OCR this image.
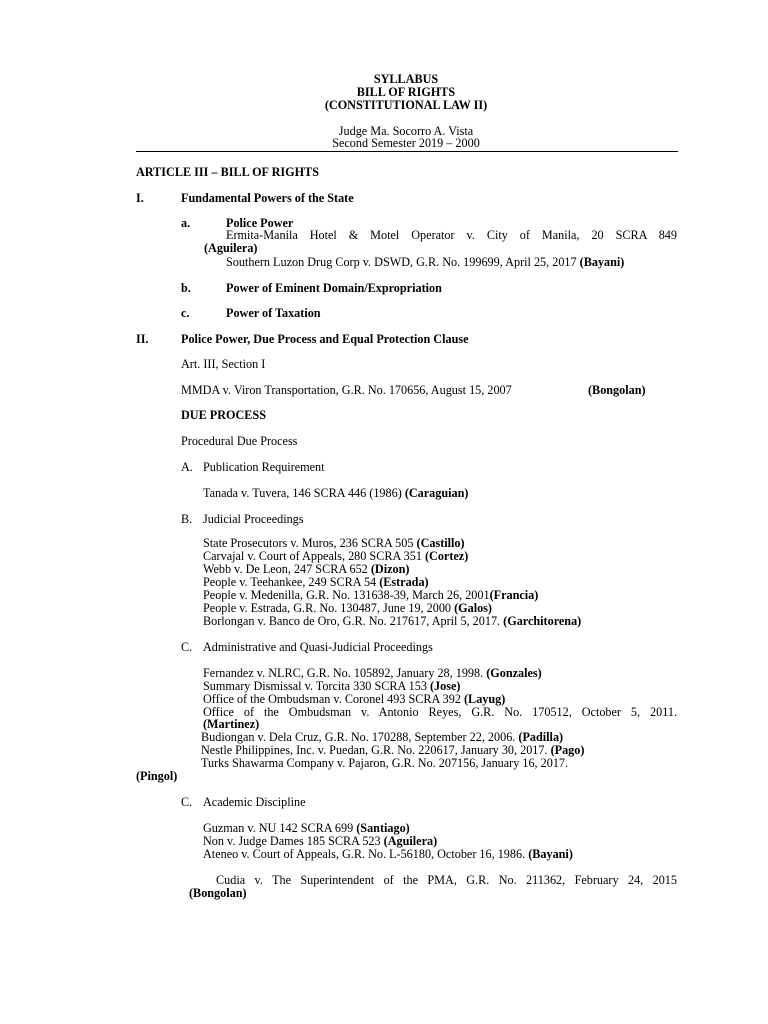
SYLLABUS
BILL OF RIGHTS
(CONSTITUTIONAL LAW II)
Judge Ma. Socorro A. Vista
Second Semester 2019 – 2000
ARTICLE III – BILL OF RIGHTS
I.	Fundamental Powers of the State
a.	Police Power
Ermita-Manila Hotel & Motel Operator v. City of Manila, 20 SCRA 849
(Aguilera)
Southern Luzon Drug Corp v. DSWD, G.R. No. 199699, April 25, 2017 (Bayani)
b.	Power of Eminent Domain/Expropriation
c.	Power of Taxation
II.	Police Power, Due Process and Equal Protection Clause
Art. III, Section I
MMDA v. Viron Transportation, G.R. No. 170656, August 15, 2007	(Bongolan)
DUE PROCESS
Procedural Due Process
A. Publication Requirement
Tanada v. Tuvera, 146 SCRA 446 (1986) (Caraguian)
B. Judicial Proceedings
State Prosecutors v. Muros, 236 SCRA 505 (Castillo)
Carvajal v. Court of Appeals, 280 SCRA 351 (Cortez)
Webb v. De Leon, 247 SCRA 652 (Dizon)
People v. Teehankee, 249 SCRA 54 (Estrada)
People v. Medenilla, G.R. No. 131638-39, March 26, 2001(Francia)
People v. Estrada, G.R. No. 130487, June 19, 2000 (Galos)
Borlongan v. Banco de Oro, G.R. No. 217617, April 5, 2017. (Garchitorena)
C. Administrative and Quasi-Judicial Proceedings
Fernandez v. NLRC, G.R. No. 105892, January 28, 1998. (Gonzales)
Summary Dismissal v. Torcita 330 SCRA 153 (Jose)
Office of the Ombudsman v. Coronel 493 SCRA 392 (Layug)
Office of the Ombudsman v. Antonio Reyes, G.R. No. 170512, October 5, 2011.
(Martinez)
Budiongan v. Dela Cruz, G.R. No. 170288, September 22, 2006. (Padilla)
Nestle Philippines, Inc. v. Puedan, G.R. No. 220617, January 30, 2017. (Pago)
Turks Shawarma Company v. Pajaron, G.R. No. 207156, January 16, 2017.
(Pingol)
C. Academic Discipline
Guzman v. NU 142 SCRA 699 (Santiago)
Non v. Judge Dames 185 SCRA 523 (Aguilera)
Ateneo v. Court of Appeals, G.R. No. L-56180, October 16, 1986. (Bayani)
Cudia v. The Superintendent of the PMA, G.R. No. 211362, February 24, 2015
(Bongolan)
